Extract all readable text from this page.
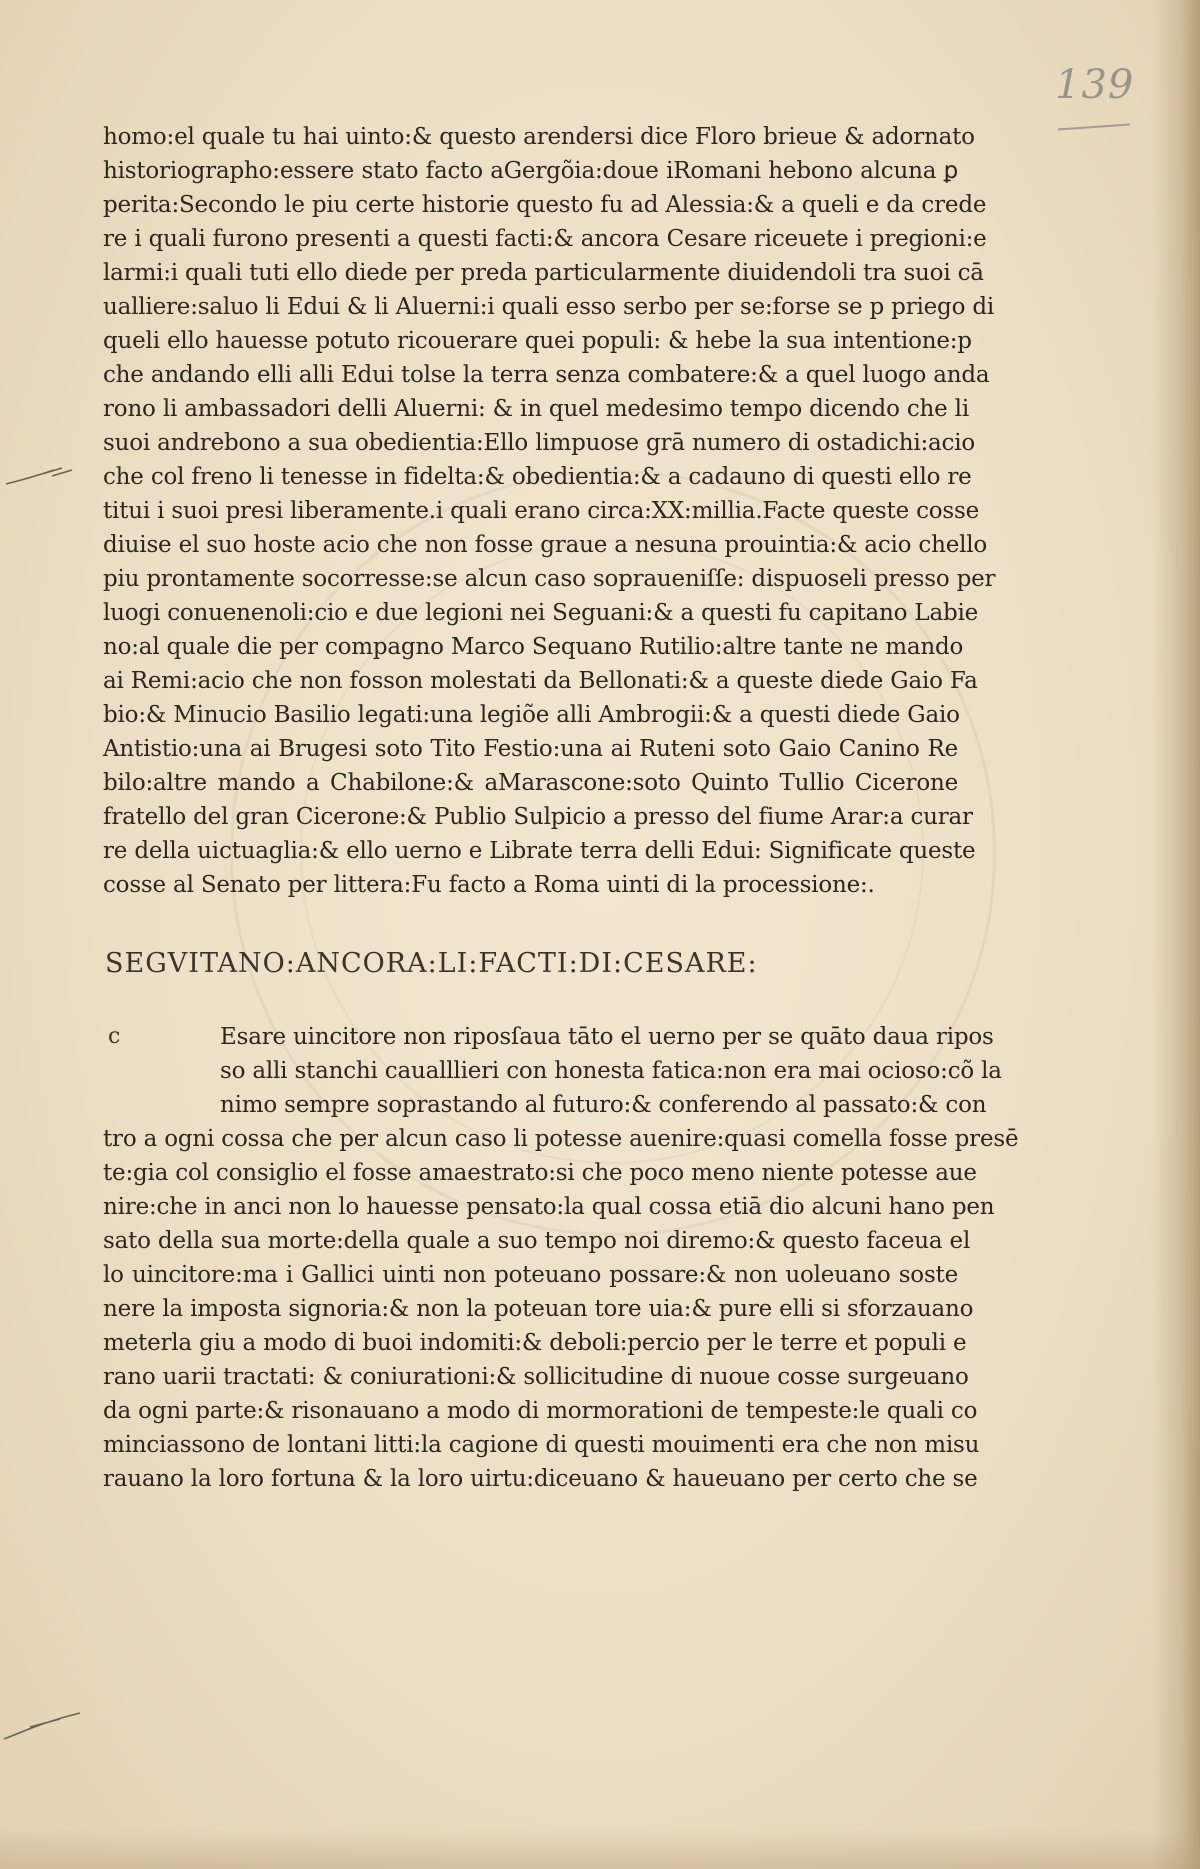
139
homo:el quale tu hai uinto:& questo arendersi dice Floro brieue & adornato
historiographo:essere stato facto aGergõia:doue iRomani hebono alcuna ꝑ
perita:Secondo le piu certe historie questo fu ad Alessia:& a queli e da crede
re i quali furono presenti a questi facti:& ancora Cesare riceuete i pregioni:e
larmi:i quali tuti ello diede per preda particularmente diuidendoli tra suoi cā
ualliere:saluo li Edui & li Aluerni:i quali esso serbo per se:forse se p priego di
queli ello hauesse potuto ricouerare quei populi: & hebe la sua intentione:p
che andando elli alli Edui tolse la terra senza combatere:& a quel luogo anda
rono li ambassadori delli Aluerni: & in quel medesimo tempo dicendo che li
suoi andrebono a sua obedientia:Ello limpuose grā numero di ostadichi:acio
che col freno li tenesse in fidelta:& obedientia:& a cadauno di questi ello re
titui i suoi presi liberamente.i quali erano circa:XX:millia.Facte queste cosse
diuise el suo hoste acio che non fosse graue a nesuna prouintia:& acio chello
piu prontamente socorresse:se alcun caso sopraueniſſe: dispuoseli presso per
luogi conuenenoli:cio e due legioni nei Seguani:& a questi fu capitano Labie
no:al quale die per compagno Marco Sequano Rutilio:altre tante ne mando
ai Remi:acio che non fosson molestati da Bellonati:& a queste diede Gaio Fa
bio:& Minucio Basilio legati:una legiõe alli Ambrogii:& a questi diede Gaio
Antistio:una ai Brugesi soto Tito Festio:una ai Ruteni soto Gaio Canino Re
bilo:altre mando a Chabilone:& aMarascone:soto Quinto Tullio Cicerone
fratello del gran Cicerone:& Publio Sulpicio a presso del fiume Arar:a curar
re della uictuaglia:& ello uerno e Librate terra delli Edui: Significate queste
cosse al Senato per littera:Fu facto a Roma uinti di la processione:.
SEGVITANO:ANCORA:LI:FACTI:DI:CESARE:
c	Esare uincitore non riposſaua tāto el uerno per se quāto daua ripos
so alli stanchi caualllieri con honesta fatica:non era mai ocioso:cõ la
nimo sempre soprastando al futuro:& conferendo al passato:& con
tro a ogni cossa che per alcun caso li potesse auenire:quasi comella fosse presē
te:gia col consiglio el fosse amaestrato:si che poco meno niente potesse aue
nire:che in anci non lo hauesse pensato:la qual cossa etiā dio alcuni hano pen
sato della sua morte:della quale a suo tempo noi diremo:& questo faceua el
lo uincitore:ma i Gallici uinti non poteuano possare:& non uoleuano soste
nere la imposta signoria:& non la poteuan tore uia:& pure elli si sforzauano
meterla giu a modo di buoi indomiti:& deboli:percio per le terre et populi e
rano uarii tractati: & coniurationi:& sollicitudine di nuoue cosse surgeuano
da ogni parte:& risonauano a modo di mormorationi de tempeste:le quali co
minciassono de lontani litti:la cagione di questi mouimenti era che non misu
rauano la loro fortuna & la loro uirtu:diceuano & haueuano per certo che se
